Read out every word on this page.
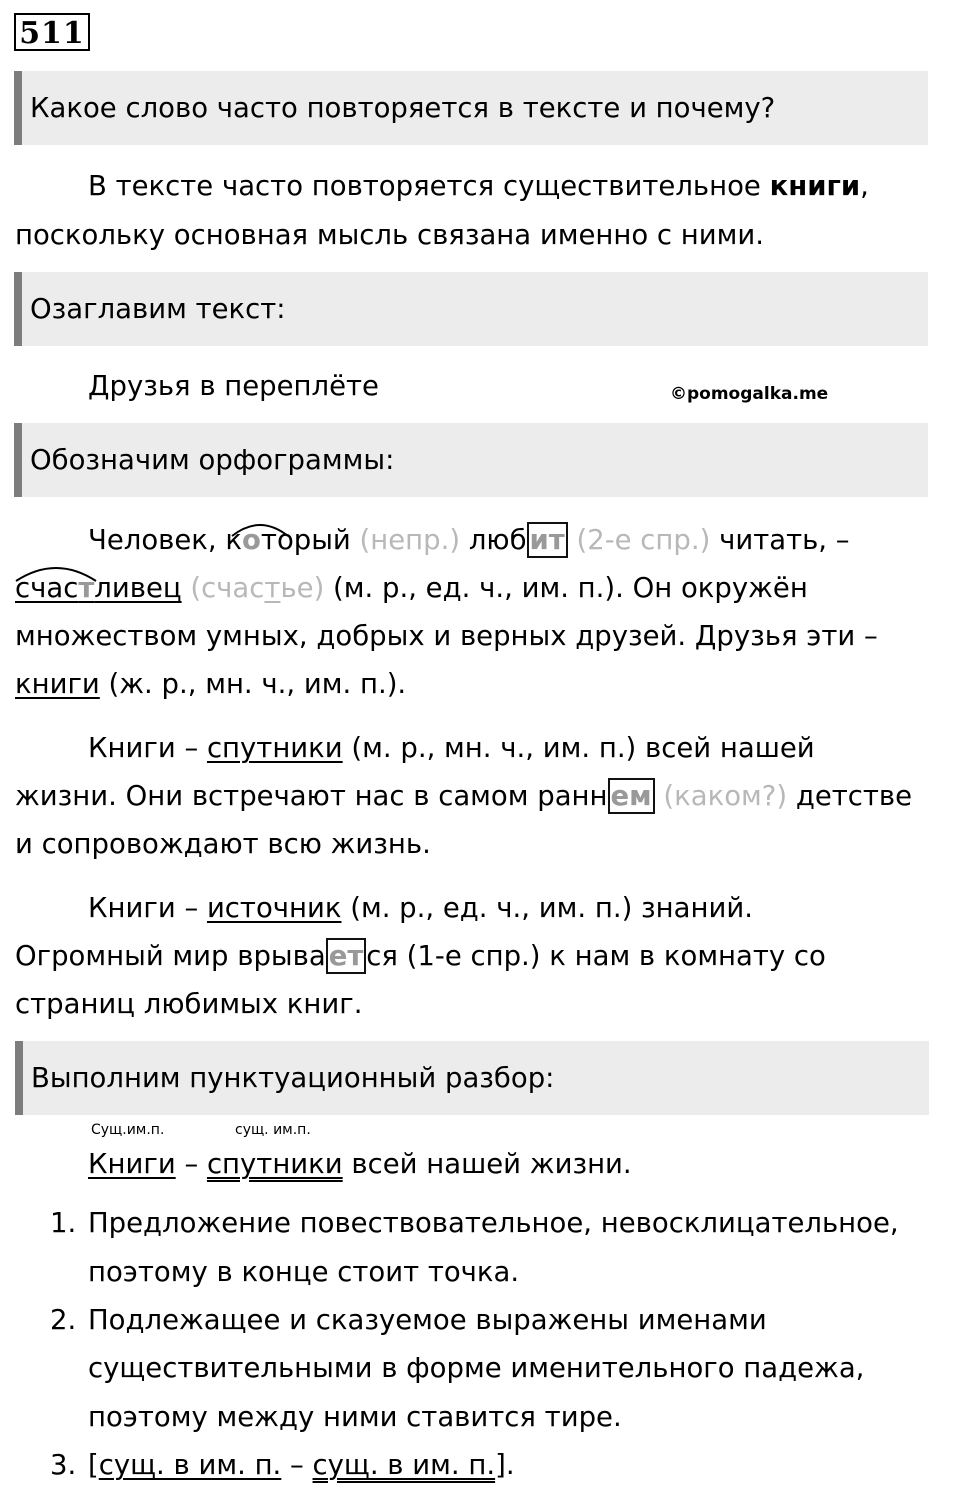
511
Какое слово часто повторяется в тексте и почему?
В тексте часто повторяется существительное книги,
поскольку основная мысль связана именно с ними.
Озаглавим текст:
Друзья в переплёте	©pomogalka.me
Обозначим орфограммы:
Человек, который (непр.) люб ит (2-е спр.) читать, –
счастливец (счастье) (м. р., ед. ч., им. п.). Он окружён
множеством умных, добрых и верных друзей. Друзья эти –
книги (ж. р., мн. ч., им. п.).
Книги – спутники (м. р., мн. ч., им. п.) всей нашей
жизни. Они встречают нас в самом ранн ем (каком?) детстве
и сопровождают всю жизнь.
Книги – источник (м. р., ед. ч., им. п.) знаний.
Огромный мир врыва ет ся (1-е спр.) к нам в комнату со
страниц любимых книг.
Выполним пунктуационный разбор:
Сущ.им.п.	сущ. им.п.
Книги – спутники всей нашей жизни.
1. Предложение повествовательное, невосклицательное,
поэтому в конце стоит точка.
2. Подлежащее и сказуемое выражены именами
существительными в форме именительного падежа,
поэтому между ними ставится тире.
3. [сущ. в им. п. – сущ. в им. п.].
